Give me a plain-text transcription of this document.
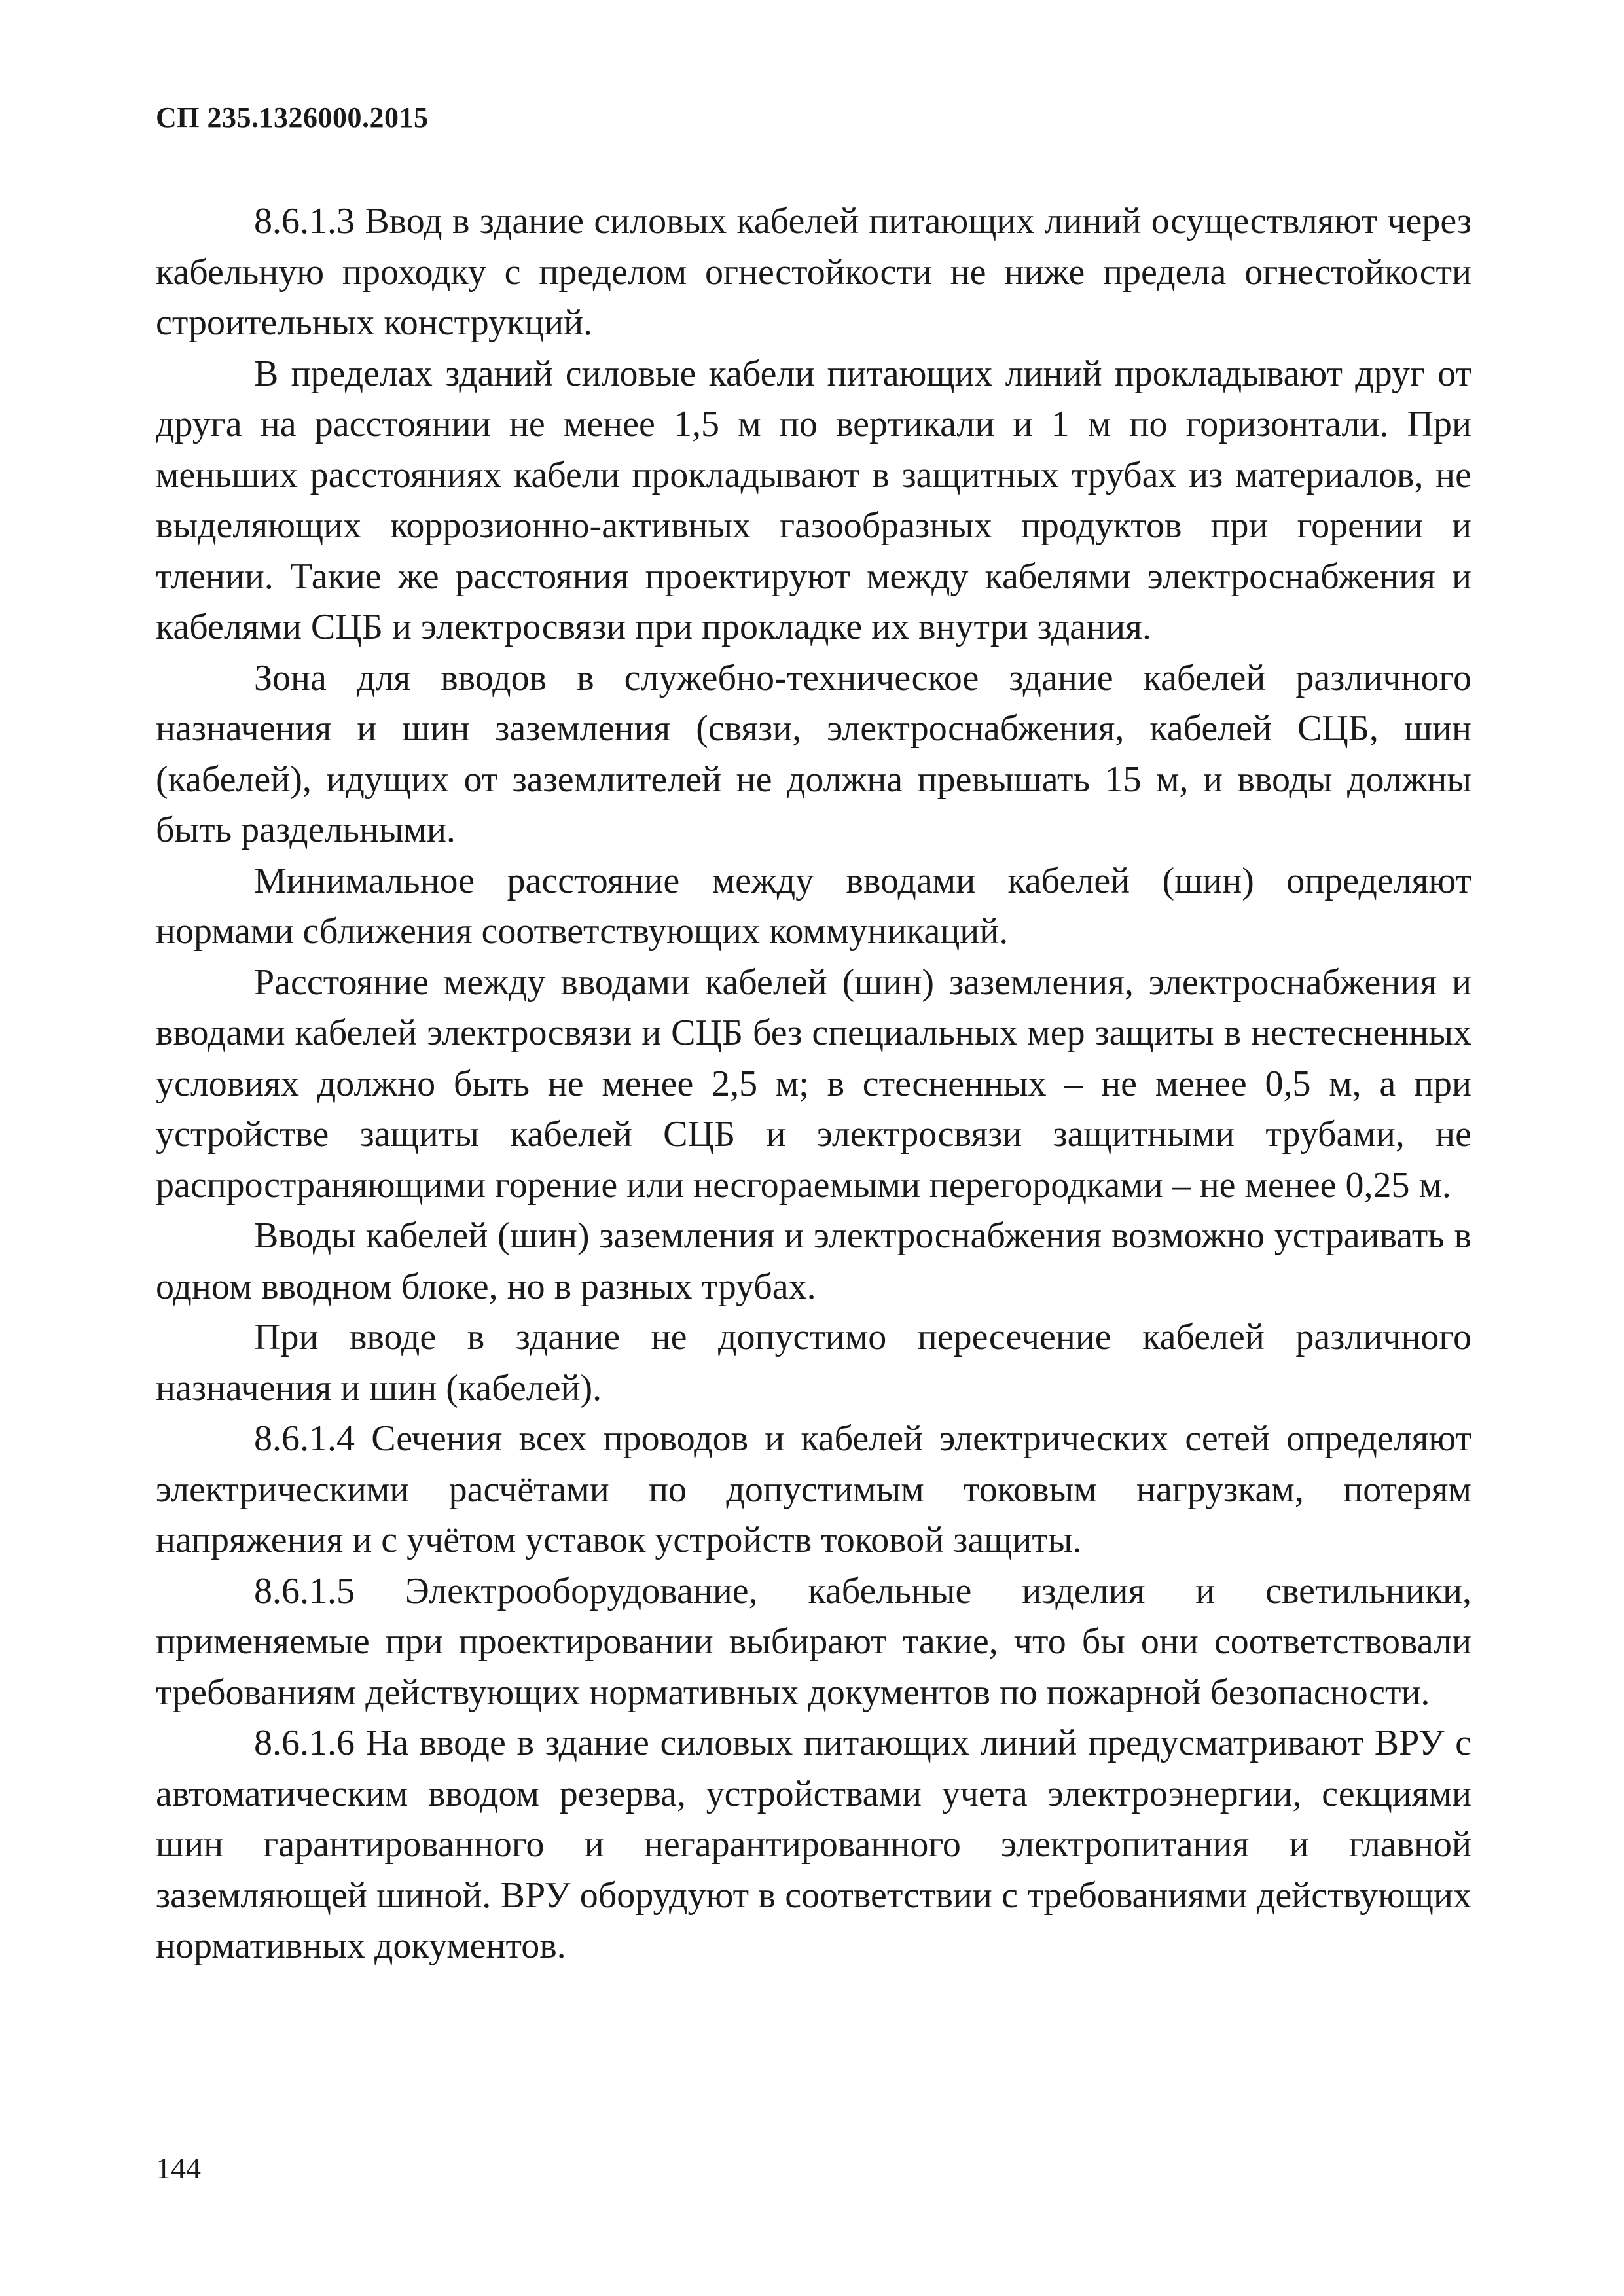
СП 235.1326000.2015

8.6.1.3 Ввод в здание силовых кабелей питающих линий осуществляют через кабельную проходку с пределом огнестойкости не ниже предела огнестойкости строительных конструкций.

В пределах зданий силовые кабели питающих линий прокладывают друг от друга на расстоянии не менее 1,5 м по вертикали и 1 м по горизонтали. При меньших расстояниях кабели прокладывают в защитных трубах из материалов, не выделяющих коррозионно-активных газообразных продуктов при горении и тлении. Такие же расстояния проектируют между кабелями электроснабжения и кабелями СЦБ и электросвязи при прокладке их внутри здания.

Зона для вводов в служебно-техническое здание кабелей различного назначения и шин заземления (связи, электроснабжения, кабелей СЦБ, шин (кабелей), идущих от заземлителей не должна превышать 15 м, и вводы должны быть раздельными.

Минимальное расстояние между вводами кабелей (шин) определяют нормами сближения соответствующих коммуникаций.

Расстояние между вводами кабелей (шин) заземления, электроснабжения и вводами кабелей электросвязи и СЦБ без специальных мер защиты в нестесненных условиях должно быть не менее 2,5 м; в стесненных – не менее 0,5 м, а при устройстве защиты кабелей СЦБ и электросвязи защитными трубами, не распространяющими горение или несгораемыми перегородками – не менее 0,25 м.

Вводы кабелей (шин) заземления и электроснабжения возможно устраивать в одном вводном блоке, но в разных трубах.

При вводе в здание не допустимо пересечение кабелей различного назначения и шин (кабелей).

8.6.1.4 Сечения всех проводов и кабелей электрических сетей определяют электрическими расчётами по допустимым токовым нагрузкам, потерям напряжения и с учётом уставок устройств токовой защиты.

8.6.1.5 Электрооборудование, кабельные изделия и светильники, применяемые при проектировании выбирают такие, что бы они соответствовали требованиям действующих нормативных документов по пожарной безопасности.

8.6.1.6 На вводе в здание силовых питающих линий предусматривают ВРУ с автоматическим вводом резерва, устройствами учета электроэнергии, секциями шин гарантированного и негарантированного электропитания и главной заземляющей шиной. ВРУ оборудуют в соответствии с требованиями действующих нормативных документов.

144
